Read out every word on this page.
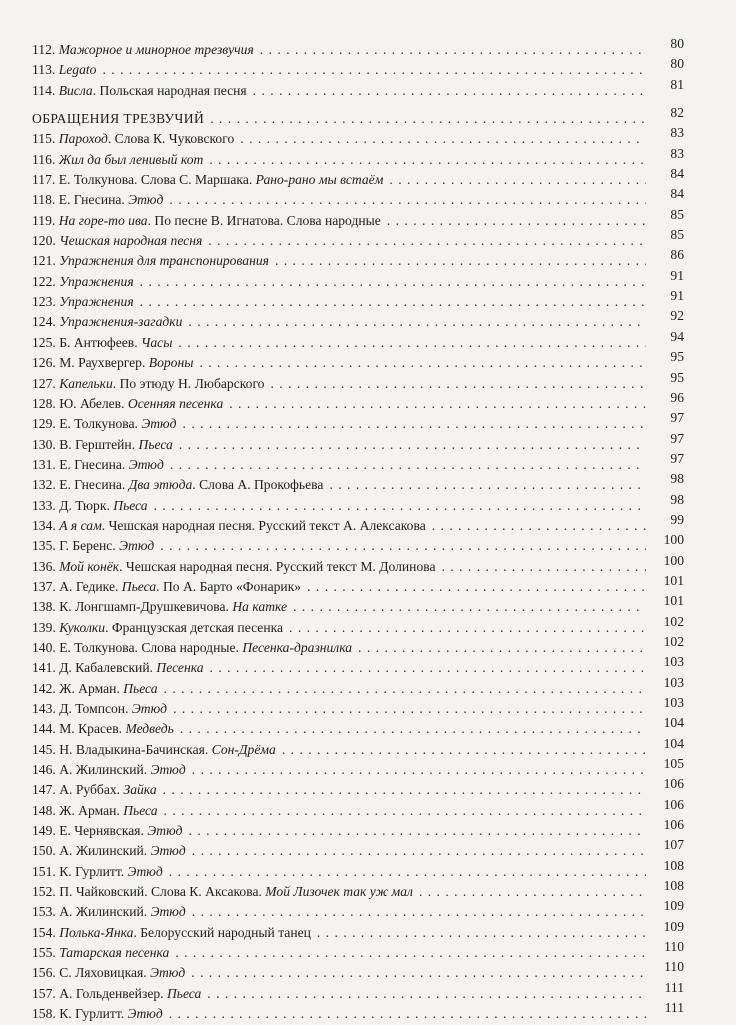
112. Мажорное и минорное трезвучия . . .	80
113. Legato . . .	80
114. Висла. Польская народная песня . . .	81
ОБРАЩЕНИЯ ТРЕЗВУЧИЙ . . .	82
115. Пароход. Слова К. Чуковского . . .	83
116. Жил да был ленивый кот . . .	83
117. Е. Толкунова. Слова С. Маршака. Рано-рано мы встаём . . .	84
118. Е. Гнесина. Этюд . . .	84
119. На горе-то ива. По песне В. Игнатова. Слова народные . . .	85
120. Чешская народная песня . . .	85
121. Упражнения для транспонирования . . .	86
122. Упражнения . . .	91
123. Упражнения . . .	91
124. Упражнения-загадки . . .	92
125. Б. Антюфеев. Часы . . .	94
126. М. Раухвергер. Вороны . . .	95
127. Капельки. По этюду Н. Любарского . . .	95
128. Ю. Абелев. Осенняя песенка . . .	96
129. Е. Толкунова. Этюд . . .	97
130. В. Герштейн. Пьеса . . .	97
131. Е. Гнесина. Этюд . . .	97
132. Е. Гнесина. Два этюда. Слова А. Прокофьева . . .	98
133. Д. Тюрк. Пьеса . . .	98
134. А я сам. Чешская народная песня. Русский текст А. Алексакова . . .	99
135. Г. Беренс. Этюд . . .	100
136. Мой конёк. Чешская народная песня. Русский текст М. Долинова . . .	100
137. А. Гедике. Пьеса. По А. Барто «Фонарик» . . .	101
138. К. Лонгшамп-Друшкевичова. На катке . . .	101
139. Куколки. Французская детская песенка . . .	102
140. Е. Толкунова. Слова народные. Песенка-дразнилка . . .	102
141. Д. Кабалевский. Песенка . . .	103
142. Ж. Арман. Пьеса . . .	103
143. Д. Томпсон. Этюд . . .	103
144. М. Красев. Медведь . . .	104
145. Н. Владыкина-Бачинская. Сон-Дрёма . . .	104
146. А. Жилинский. Этюд . . .	105
147. А. Руббах. Зайка . . .	106
148. Ж. Арман. Пьеса . . .	106
149. Е. Чернявская. Этюд . . .	106
150. А. Жилинский. Этюд . . .	107
151. К. Гурлитт. Этюд . . .	108
152. П. Чайковский. Слова К. Аксакова. Мой Лизочек так уж мал . . .	108
153. А. Жилинский. Этюд . . .	109
154. Полька-Янка. Белорусский народный танец . . .	109
155. Татарская песенка . . .	110
156. С. Ляховицкая. Этюд . . .	110
157. А. Гольденвейзер. Пьеса . . .	111
158. К. Гурлитт. Этюд . . .	111
